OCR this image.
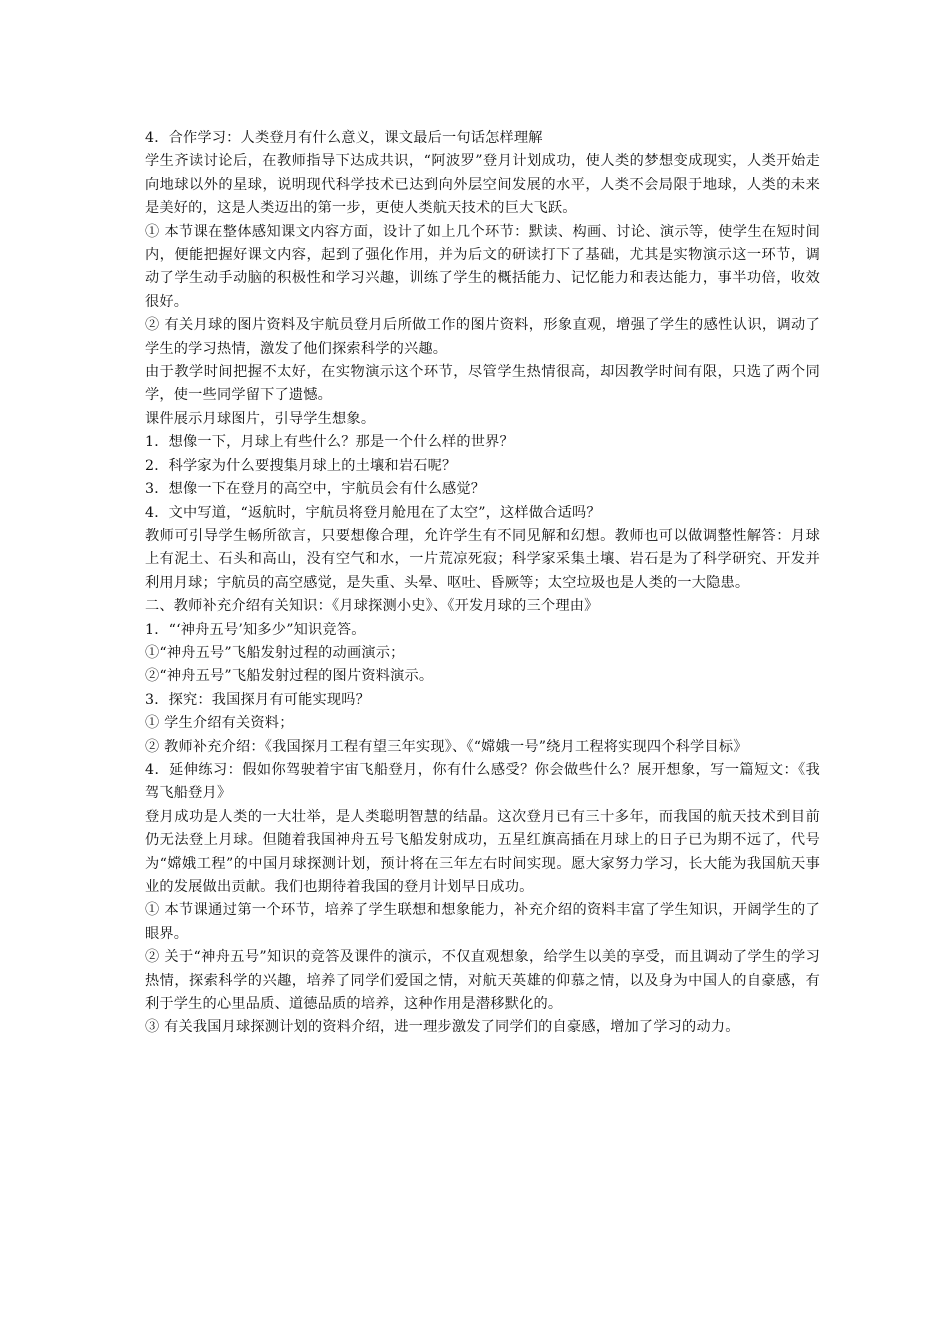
4．合作学习：人类登月有什么意义，课文最后一句话怎样理解

学生齐读讨论后，在教师指导下达成共识，“阿波罗”登月计划成功，使人类的梦想变成现实，人类开始走向地球以外的星球，说明现代科学技术已达到向外层空间发展的水平，人类不会局限于地球，人类的未来是美好的，这是人类迈出的第一步，更使人类航天技术的巨大飞跃。

① 本节课在整体感知课文内容方面，设计了如上几个环节：默读、构画、讨论、演示等，使学生在短时间内，便能把握好课文内容，起到了强化作用，并为后文的研读打下了基础，尤其是实物演示这一环节，调动了学生动手动脑的积极性和学习兴趣，训练了学生的概括能力、记忆能力和表达能力，事半功倍，收效很好。

② 有关月球的图片资料及宇航员登月后所做工作的图片资料，形象直观，增强了学生的感性认识，调动了学生的学习热情，激发了他们探索科学的兴趣。

由于教学时间把握不太好，在实物演示这个环节，尽管学生热情很高，却因教学时间有限，只选了两个同学，使一些同学留下了遗憾。

课件展示月球图片，引导学生想象。

1．想像一下，月球上有些什么？那是一个什么样的世界？

2．科学家为什么要搜集月球上的土壤和岩石呢？

3．想像一下在登月的高空中，宇航员会有什么感觉？

4．文中写道，“返航时，宇航员将登月舱甩在了太空”，这样做合适吗？

教师可引导学生畅所欲言，只要想像合理，允许学生有不同见解和幻想。教师也可以做调整性解答：月球上有泥土、石头和高山，没有空气和水，一片荒凉死寂；科学家采集土壤、岩石是为了科学研究、开发并利用月球；宇航员的高空感觉，是失重、头晕、呕吐、昏厥等；太空垃圾也是人类的一大隐患。

二、教师补充介绍有关知识：《月球探测小史》、《开发月球的三个理由》

1．“‘神舟五号’知多少”知识竞答。

①“神舟五号”飞船发射过程的动画演示；

②“神舟五号”飞船发射过程的图片资料演示。

3．探究：我国探月有可能实现吗？

① 学生介绍有关资料；

② 教师补充介绍：《我国探月工程有望三年实现》、《“嫦娥一号”绕月工程将实现四个科学目标》

4．延伸练习：假如你驾驶着宇宙飞船登月，你有什么感受？你会做些什么？展开想象，写一篇短文：《我驾飞船登月》

登月成功是人类的一大壮举，是人类聪明智慧的结晶。这次登月已有三十多年，而我国的航天技术到目前仍无法登上月球。但随着我国神舟五号飞船发射成功，五星红旗高插在月球上的日子已为期不远了，代号为“嫦娥工程”的中国月球探测计划，预计将在三年左右时间实现。愿大家努力学习，长大能为我国航天事业的发展做出贡献。我们也期待着我国的登月计划早日成功。

① 本节课通过第一个环节，培养了学生联想和想象能力，补充介绍的资料丰富了学生知识，开阔学生的了眼界。

② 关于“神舟五号”知识的竞答及课件的演示，不仅直观想象，给学生以美的享受，而且调动了学生的学习热情，探索科学的兴趣，培养了同学们爱国之情，对航天英雄的仰慕之情，以及身为中国人的自豪感，有利于学生的心里品质、道德品质的培养，这种作用是潜移默化的。

③ 有关我国月球探测计划的资料介绍，进一理步激发了同学们的自豪感，增加了学习的动力。
